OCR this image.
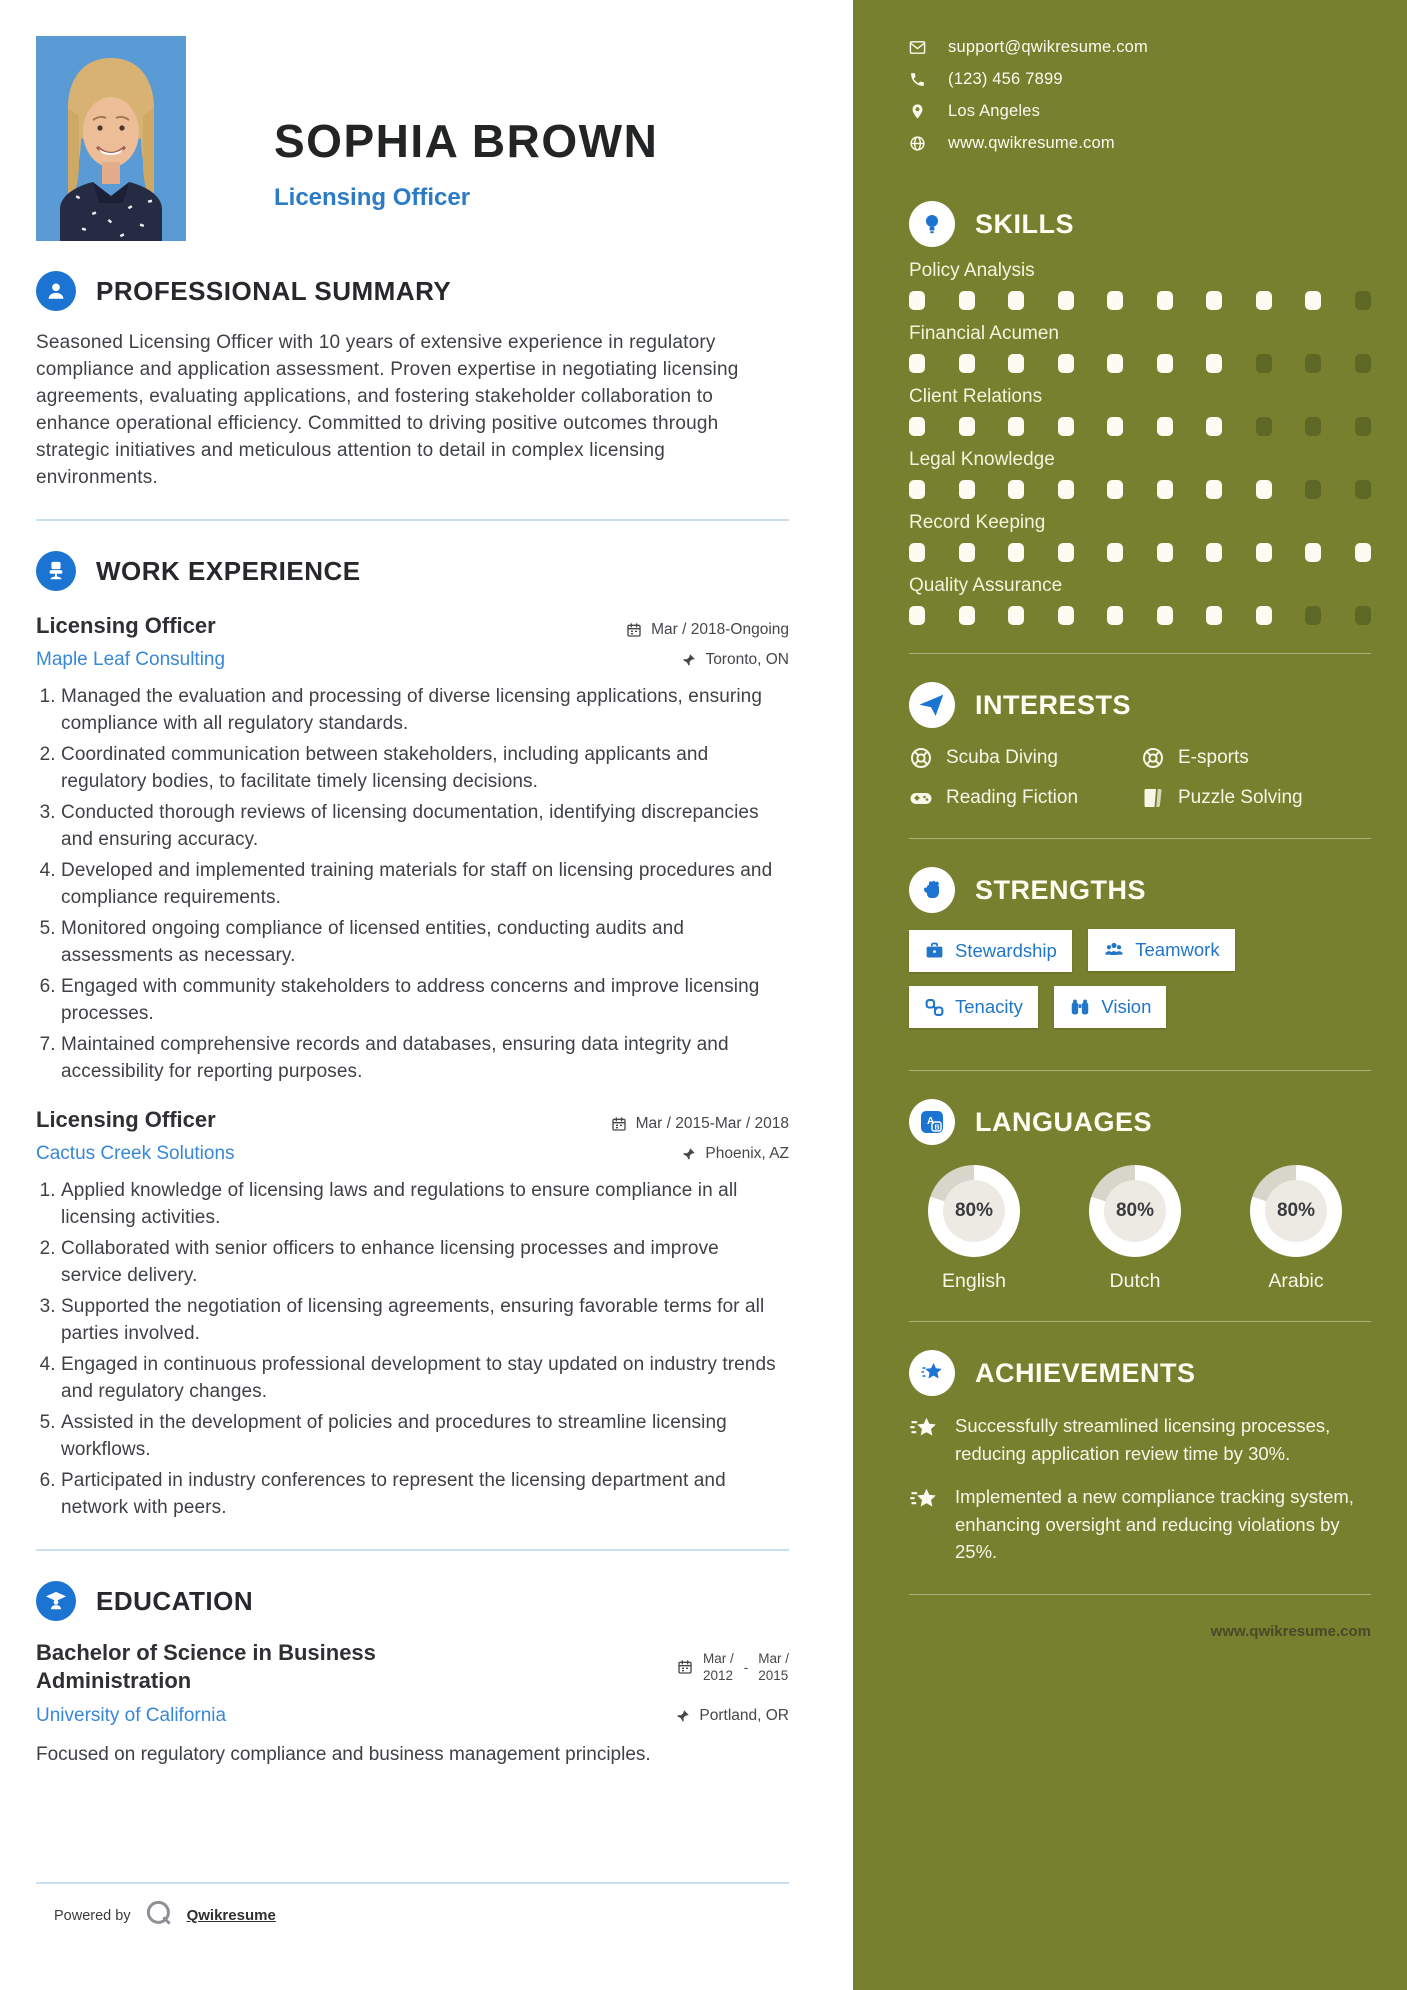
SOPHIA BROWN
Licensing Officer
PROFESSIONAL SUMMARY

Seasoned Licensing Officer with 10 years of extensive experience in regulatory compliance and application assessment. Proven expertise in negotiating licensing agreements, evaluating applications, and fostering stakeholder collaboration to enhance operational efficiency. Committed to driving positive outcomes through strategic initiatives and meticulous attention to detail in complex licensing environments.

WORK EXPERIENCE
Licensing Officer	Mar / 2018-Ongoing
Maple Leaf Consulting	Toronto, ON
1. Managed the evaluation and processing of diverse licensing applications, ensuring compliance with all regulatory standards.
2. Coordinated communication between stakeholders, including applicants and regulatory bodies, to facilitate timely licensing decisions.
3. Conducted thorough reviews of licensing documentation, identifying discrepancies and ensuring accuracy.
4. Developed and implemented training materials for staff on licensing procedures and compliance requirements.
5. Monitored ongoing compliance of licensed entities, conducting audits and assessments as necessary.
6. Engaged with community stakeholders to address concerns and improve licensing processes.
7. Maintained comprehensive records and databases, ensuring data integrity and accessibility for reporting purposes.
Licensing Officer	Mar / 2015-Mar / 2018
Cactus Creek Solutions	Phoenix, AZ
1. Applied knowledge of licensing laws and regulations to ensure compliance in all licensing activities.
2. Collaborated with senior officers to enhance licensing processes and improve service delivery.
3. Supported the negotiation of licensing agreements, ensuring favorable terms for all parties involved.
4. Engaged in continuous professional development to stay updated on industry trends and regulatory changes.
5. Assisted in the development of policies and procedures to streamline licensing workflows.
6. Participated in industry conferences to represent the licensing department and network with peers.
EDUCATION
Bachelor of Science in Business Administration
Mar /
2012
-
Mar /
2015
University of California	Portland, OR

Focused on regulatory compliance and business management principles.

Powered by	Qwikresume
support@qwikresume.com
(123) 456 7899
Los Angeles
www.qwikresume.com
SKILLS
Policy Analysis
Financial Acumen
Client Relations
Legal Knowledge
Record Keeping
Quality Assurance
INTERESTS
Scuba Diving	E-sports
Reading Fiction	Puzzle Solving
STRENGTHS
Stewardship
	Teamwork

Tenacity
	Vision
A
B LANGUAGES
80%
English
80%
Dutch
80%
Arabic
ACHIEVEMENTS
Successfully streamlined licensing processes, reducing application review time by 30%.
Implemented a new compliance tracking system, enhancing oversight and reducing violations by 25%.
www.qwikresume.com
